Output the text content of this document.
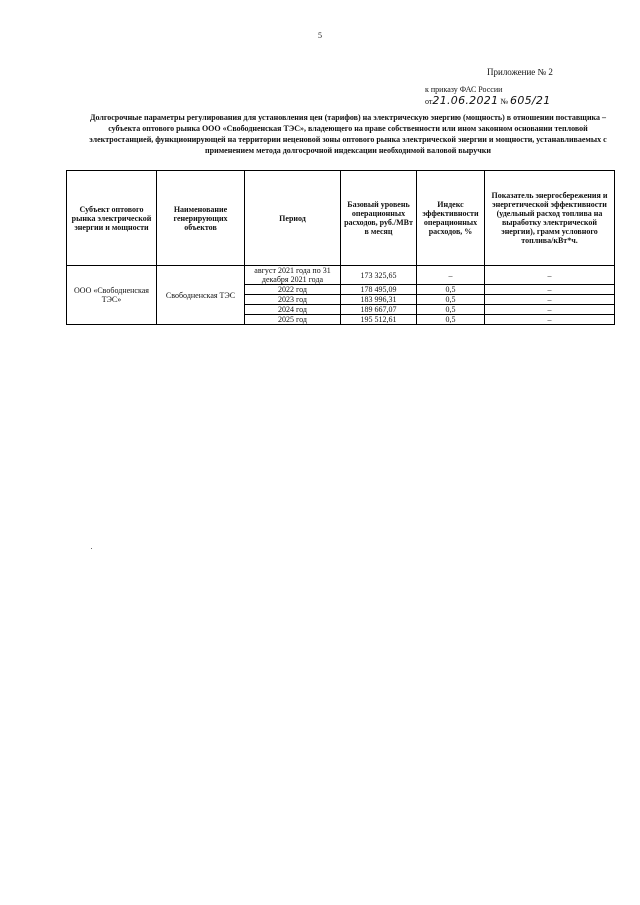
5
Приложение № 2
к приказу ФАС России
от21.06.2021 № 605/21
Долгосрочные параметры регулирования для установления цен (тарифов) на электрическую энергию (мощность) в отношении поставщика – субъекта оптового рынка ООО «Свободненская ТЭС», владеющего на праве собственности или ином законном основании тепловой электростанцией, функционирующей на территории неценовой зоны оптового рынка электрической энергии и мощности, устанавливаемых с применением метода долгосрочной индексации необходимой валовой выручки
Субъект оптового рынка электрической энергии и мощности	Наименование генерирующих объектов	Период	Базовый уровень операционных расходов, руб./МВт в месяц	Индекс эффективности операционных расходов, %	Показатель энергосбережения и энергетической эффективности (удельный расход топлива на выработку электрической энергии), грамм условного топлива/кВт*ч.
ООО «Свободненская ТЭС»	Свободненская ТЭС	август 2021 года по 31 декабря 2021 года	173 325,65	–	–
		2022 год	178 495,09	0,5	–
		2023 год	183 996,31	0,5	–
		2024 год	189 667,07	0,5	–
		2025 год	195 512,61	0,5	–
